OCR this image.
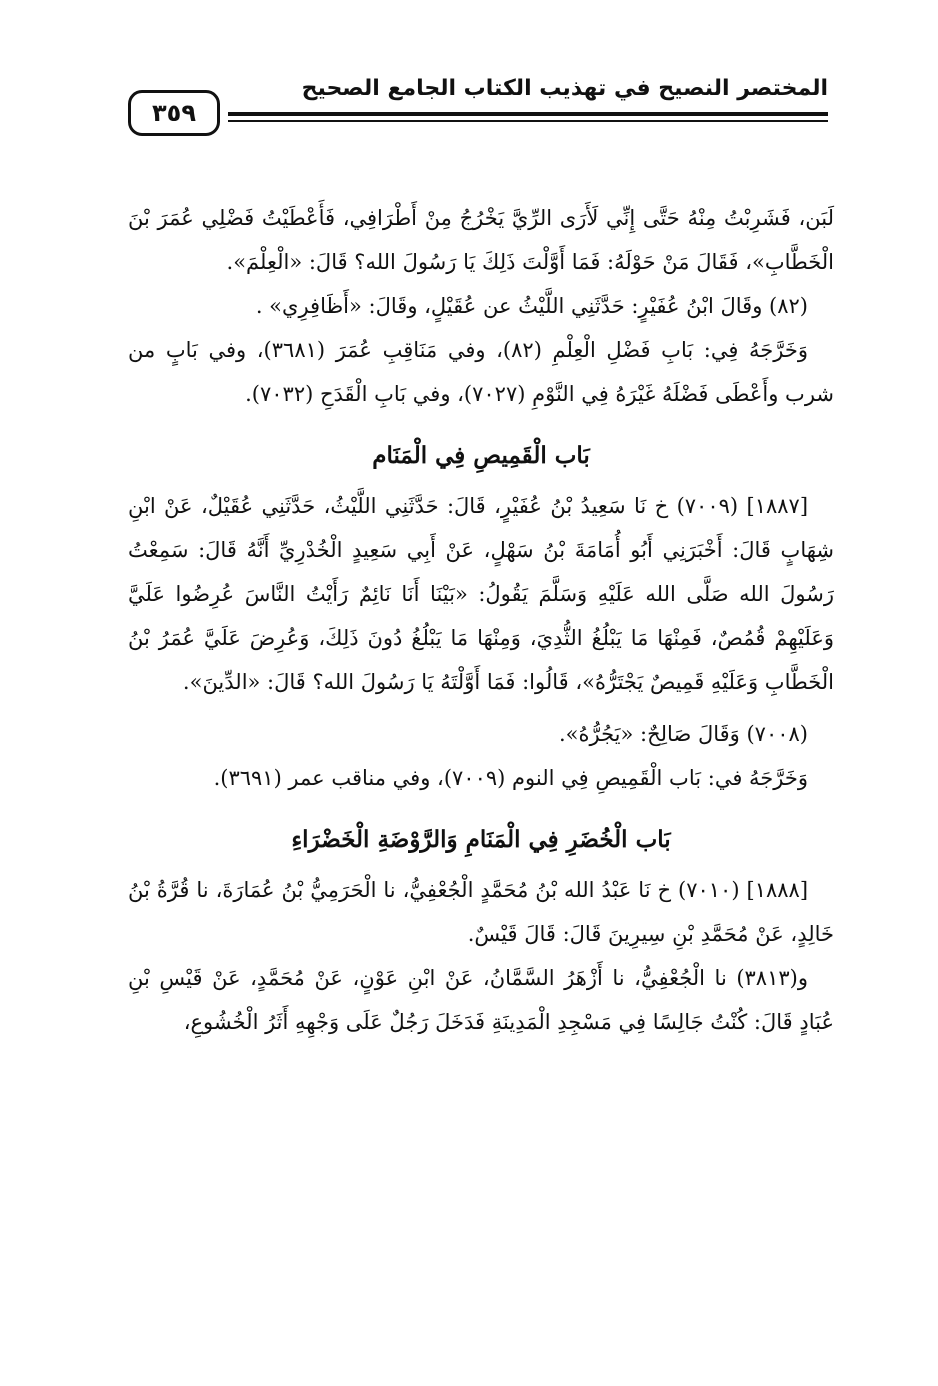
المختصر النصيح في تهذيب الكتاب الجامع الصحيح
٣٥٩

لَبَن، فَشَرِبْتُ مِنْهُ حَتَّى إِنِّي لَأَرَى الرِّيَّ يَخْرُجُ مِنْ أَطْرَافِي، فَأَعْطَيْتُ فَضْلِي عُمَرَ بْنَ الْخَطَّابِ»، فَقَالَ مَنْ حَوْلَهُ: فَمَا أَوَّلْتَ ذَلِكَ يَا رَسُولَ الله؟ قَالَ: «الْعِلْمَ».

(٨٢) وقَالَ ابْنُ عُفَيْرٍ: حَدَّثَنِي اللَّيْثُ عن عُقَيْلٍ، وقَالَ: «أَظَافِرِي» .

وَخَرَّجَهُ فِي: بَابِ فَضْلِ الْعِلْمِ (٨٢)، وفي مَنَاقِبِ عُمَرَ (٣٦٨١)، وفي بَابٍ من شرب وأَعْطَى فَضْلَهُ غَيْرَهُ فِي النَّوْمِ (٧٠٢٧)، وفي بَابِ الْقَدَحِ (٧٠٣٢).

بَاب الْقَمِيصِ فِي الْمَنَام

[١٨٨٧] (٧٠٠٩) خ نَا سَعِيدُ بْنُ عُفَيْرٍ، قَالَ: حَدَّثَنِي اللَّيْثُ، حَدَّثَنِي عُقَيْلٌ، عَنْ ابْنِ شِهَابٍ قَالَ: أَخْبَرَنِي أَبُو أُمَامَةَ بْنُ سَهْلٍ، عَنْ أَبِي سَعِيدٍ الْخُدْرِيِّ أَنَّهُ قَالَ: سَمِعْتُ رَسُولَ الله صَلَّى الله عَلَيْهِ وَسَلَّمَ يَقُولُ: «بَيْنَا أَنَا نَائِمٌ رَأَيْتُ النَّاسَ عُرِضُوا عَلَيَّ وَعَلَيْهِمْ قُمُصٌ، فَمِنْهَا مَا يَبْلُغُ الثُّدِيَ، وَمِنْهَا مَا يَبْلُغُ دُونَ ذَلِكَ، وَعُرِضَ عَلَيَّ عُمَرُ بْنُ الْخَطَّابِ وَعَلَيْهِ قَمِيصٌ يَجْتَرُّهُ»، قَالُوا: فَمَا أَوَّلْتَهُ يَا رَسُولَ الله؟ قَالَ: «الدِّينَ».

(٧٠٠٨) وَقَالَ صَالِحٌ: «يَجُرُّهُ».

وَخَرَّجَهُ في: بَاب الْقَمِيصِ فِي النوم (٧٠٠٩)، وفي مناقب عمر (٣٦٩١).

بَاب الْخُضَرِ فِي الْمَنَامِ وَالرَّوْضَةِ الْخَضْرَاءِ

[١٨٨٨] (٧٠١٠) خ نَا عَبْدُ الله بْنُ مُحَمَّدٍ الْجُعْفِيُّ، نا الْحَرَمِيُّ بْنُ عُمَارَةَ، نا قُرَّةُ بْنُ خَالِدٍ، عَنْ مُحَمَّدِ بْنِ سِيرِينَ قَالَ: قَالَ قَيْسٌ.

و(٣٨١٣) نا الْجُعْفِيُّ، نا أَزْهَرُ السَّمَّانُ، عَنْ ابْنِ عَوْنٍ، عَنْ مُحَمَّدٍ، عَنْ قَيْسِ بْنِ عُبَادٍ قَالَ: كُنْتُ جَالِسًا فِي مَسْجِدِ الْمَدِينَةِ فَدَخَلَ رَجُلٌ عَلَى وَجْهِهِ أَثَرُ الْخُشُوعِ،
